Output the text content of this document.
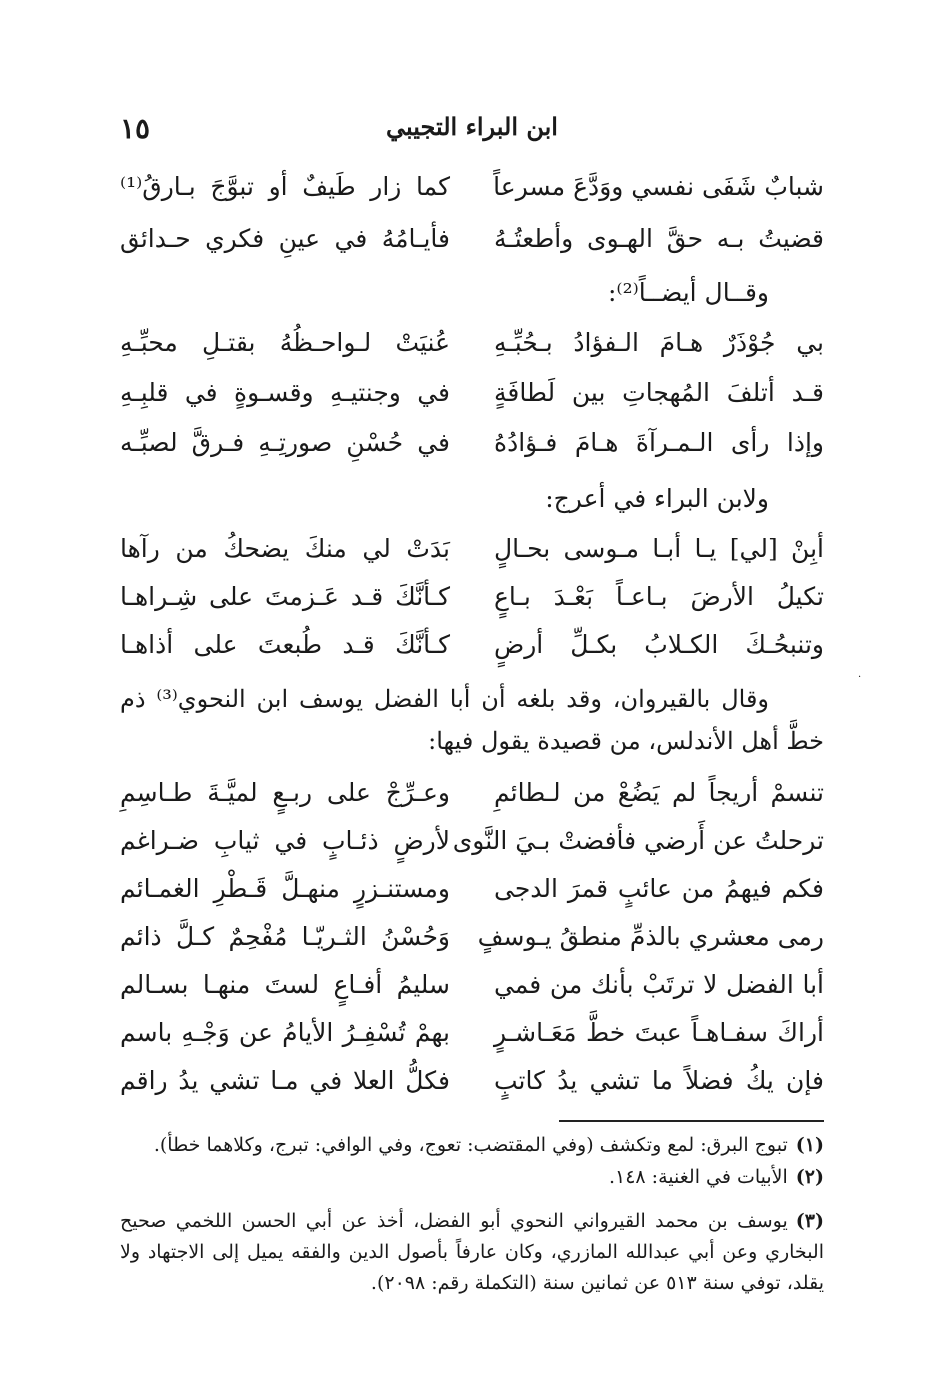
ابن البراء التجيبي
١٥
شبابٌ شَفَى نفسي ووَدَّعَ مسرعاً
كما زار طَيفٌ أو تبوَّجَ بـارقُ⁽¹⁾
قضيتُ بـه حقَّ الهـوى وأطعتُـهُ
فأيـامُهُ في عينِ فكري حـدائق
وقــال أيضــاً⁽²⁾:
بي جُوْذَرٌ هـامَ الـفؤادُ بـحُبِّـهِ
عُنيَتْ لـواحـظُهُ بقتـلِ محبِّـهِ
قـد أتلفَ المُهجاتِ بين لَطافَةٍ
في وجنتيـهِ وقسـوةٍ في قلبِـهِ
وإذا رأى الـمـرآةَ هـامَ فـؤادُهُ
في حُسْنِ صورتِـهِ فـرقَّ لصبِّـه
ولابن البراء في أعرج:
أبِنْ [لي] يـا أبـا مـوسى بحـالٍ
بَدَتْ لي منكَ يضحكُ من رآها
تكيلُ الأرضَ بـاعـاً بَعْـدَ بـاعٍ
كـأنَّكَ قـد عَـزمتَ على شِـراهـا
وتنبحُـكَ الكـلابُ بكـلِّ أرضٍ
كـأنَّكَ قـد طُبعتَ على أذاهـا
وقال بالقيروان، وقد بلغه أن أبا الفضل يوسف ابن النحوي⁽³⁾ ذم خطَّ أهل الأندلس، من قصيدة يقول فيها:
تنسمْ أريجاً لم يَضُعْ من لـطائمِ
وعـرِّجْ على ربـعٍ لميَّـةَ طـاسِمِ
ترحلتُ عن أَرضي فأفضتْ بـيَ النَّوى
لأرضٍ ذئـابٍ في ثيابِ ضـراغم
فكم فيهمُ من عائبٍ قمرَ الدجى
ومستنـزرٍ منهـلَّ قَـطْرِ الغمـائم
رمى معشري بالذمِّ منطقُ يـوسفٍ
وَحُسْنُ الثـريّـا مُفْحِمٌ كـلَّ ذائم
أبا الفضل لا ترتَبْ بأنك من فمي
سليمُ أفـاعٍ لستَ منهـا بسـالم
أراكَ سفـاهـاً عبتَ خطَّ مَعَـاشـرٍ
بهمْ تُسْفِـرُ الأيامُ عن وَجْـهِ باسم
فإن يكُ فضلاً ما تشي يدُ كاتبٍ
فكلُّ العلا في مـا تشي يدُ راقم
(١)تبوج البرق: لمع وتكشف (وفي المقتضب: تعوج، وفي الوافي: تبرج، وكلاهما خطأ).
(٢)الأبيات في الغنية: ١٤٨.
(٣)يوسف بن محمد القيرواني النحوي أبو الفضل، أخذ عن أبي الحسن اللخمي صحيح البخاري وعن أبي عبدالله المازري، وكان عارفاً بأصول الدين والفقه يميل إلى الاجتهاد ولا يقلد، توفي سنة ٥١٣ عن ثمانين سنة (التكملة رقم: ٢٠٩٨).
·
